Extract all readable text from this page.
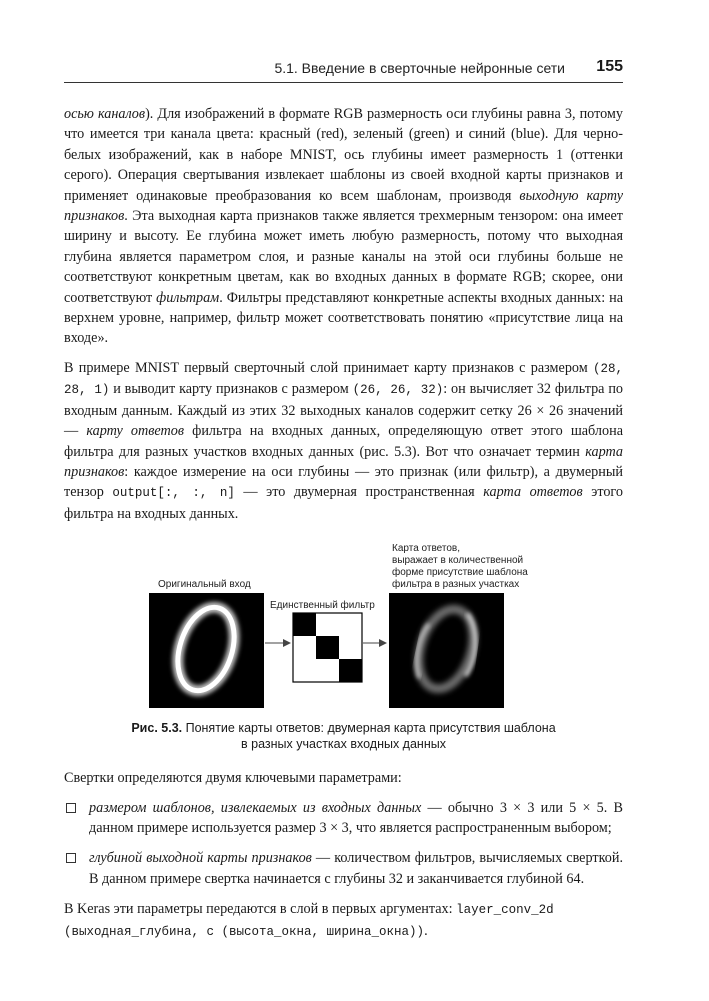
5.1. Введение в сверточные нейронные сети 155

осью каналов). Для изображений в формате RGB размерность оси глубины равна 3, потому что имеется три канала цвета: красный (red), зеленый (green) и синий (blue). Для черно-белых изображений, как в наборе MNIST, ось глубины имеет размерность 1 (оттенки серого). Операция свертывания извлекает шаблоны из своей входной карты признаков и применяет одинаковые преобразования ко всем шаблонам, производя выходную карту признаков. Эта выходная карта признаков также является трехмерным тензором: она имеет ширину и высоту. Ее глубина может иметь любую размерность, потому что выходная глубина является параметром слоя, и разные каналы на этой оси глубины больше не соответствуют конкретным цветам, как во входных данных в формате RGB; скорее, они соответствуют фильтрам. Фильтры представляют конкретные аспекты входных данных: на верхнем уровне, например, фильтр может соответствовать понятию «присутствие лица на входе».

В примере MNIST первый сверточный слой принимает карту признаков с размером (28, 28, 1) и выводит карту признаков с размером (26, 26, 32): он вычисляет 32 фильтра по входным данным. Каждый из этих 32 выходных каналов содержит сетку 26 × 26 значений — карту ответов фильтра на входных данных, определяющую ответ этого шаблона фильтра для разных участков входных данных (рис. 5.3). Вот что означает термин карта признаков: каждое измерение на оси глубины — это признак (или фильтр), а двумерный тензор output[:, :, n] — это двумерная пространственная карта ответов этого фильтра на входных данных.

Оригинальный вход
Единственный фильтр
Карта ответов,
выражает в количественной
форме присутствие шаблона
фильтра в разных участках
Рис. 5.3. Понятие карты ответов: двумерная карта присутствия шаблона
в разных участках входных данных

Свертки определяются двумя ключевыми параметрами:

размером шаблонов, извлекаемых из входных данных — обычно 3 × 3 или 5 × 5. В данном примере используется размер 3 × 3, что является распространенным выбором;
глубиной выходной карты признаков — количеством фильтров, вычисляемых сверткой. В данном примере свертка начинается с глубины 32 и заканчивается глубиной 64.

В Keras эти параметры передаются в слой в первых аргументах: layer_conv_2d
(выходная_глубина, c (высота_окна, ширина_окна)).
